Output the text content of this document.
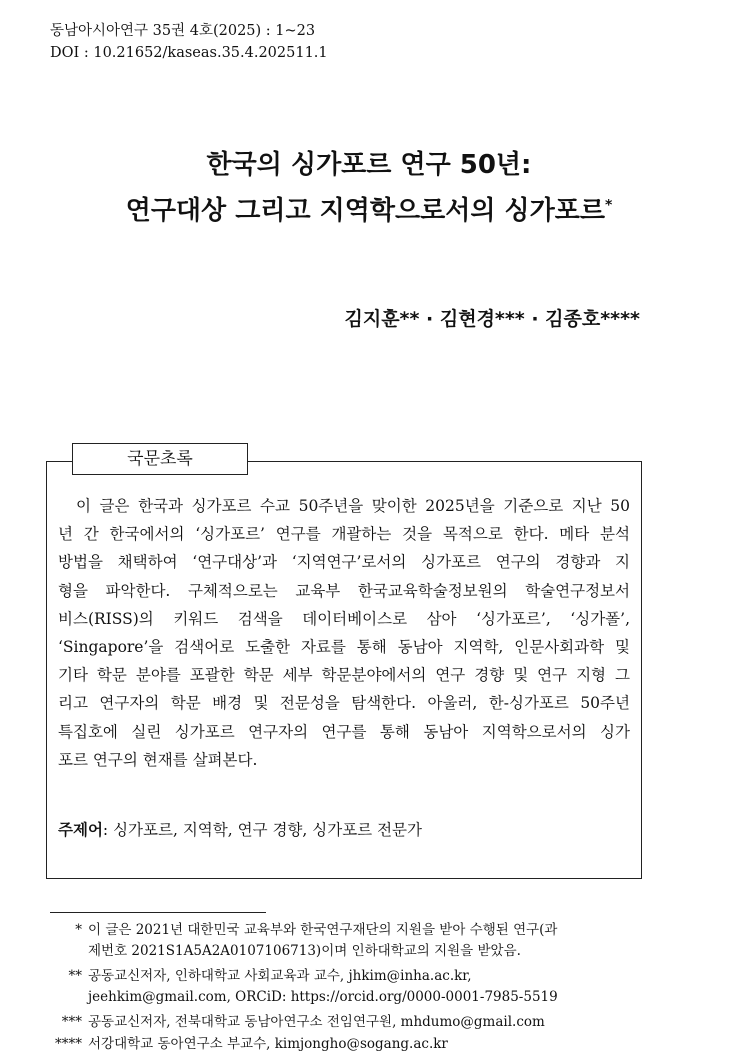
동남아시아연구 35권 4호(2025) : 1~23
DOI : 10.21652/kaseas.35.4.202511.1
한국의 싱가포르 연구 50년:
연구대상 그리고 지역학으로서의 싱가포르*
김지훈** · 김현경*** · 김종호****
국문초록
이 글은 한국과 싱가포르 수교 50주년을 맞이한 2025년을 기준으로 지난 50
년 간 한국에서의 ‘싱가포르’ 연구를 개괄하는 것을 목적으로 한다. 메타 분석
방법을 채택하여 ‘연구대상’과 ‘지역연구’로서의 싱가포르 연구의 경향과 지
형을 파악한다. 구체적으로는 교육부 한국교육학술정보원의 학술연구정보서
비스(RISS)의 키워드 검색을 데이터베이스로 삼아 ‘싱가포르’, ‘싱가폴’,
‘Singapore’을 검색어로 도출한 자료를 통해 동남아 지역학, 인문사회과학 및
기타 학문 분야를 포괄한 학문 세부 학문분야에서의 연구 경향 및 연구 지형 그
리고 연구자의 학문 배경 및 전문성을 탐색한다. 아울러, 한-싱가포르 50주년
특집호에 실린 싱가포르 연구자의 연구를 통해 동남아 지역학으로서의 싱가
포르 연구의 현재를 살펴본다.
주제어: 싱가포르, 지역학, 연구 경향, 싱가포르 전문가
* 이 글은 2021년 대한민국 교육부와 한국연구재단의 지원을 받아 수행된 연구(과
제번호 2021S1A5A2A0107106713)이며 인하대학교의 지원을 받았음.
** 공동교신저자, 인하대학교 사회교육과 교수, jhkim@inha.ac.kr,
jeehkim@gmail.com, ORCiD: https://orcid.org/0000-0001-7985-5519
*** 공동교신저자, 전북대학교 동남아연구소 전임연구원, mhdumo@gmail.com
**** 서강대학교 동아연구소 부교수, kimjongho@sogang.ac.kr
